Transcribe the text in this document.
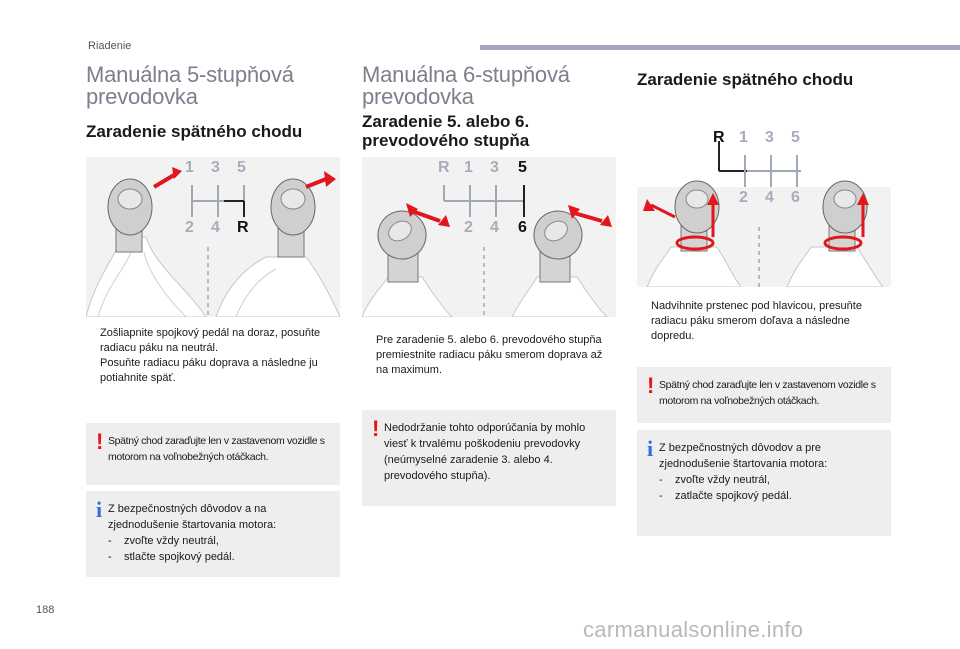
Riadenie
Manuálna 5-stupňová
prevodovka
Zaradenie spätného chodu
1 3 5
2 4 R
Zošliapnite spojkový pedál na doraz, posuňte radiacu páku na neutrál.
Posuňte radiacu páku doprava a následne ju potiahnite späť.
! Spätný chod zaraďujte len v zastavenom vozidle s motorom na voľnobežných otáčkach.
i Z bezpečnostných dôvodov a na zjednodušenie štartovania motora:
-	zvoľte vždy neutrál,
-	stlačte spojkový pedál.
Manuálna 6-stupňová
prevodovka
Zaradenie 5. alebo 6.
prevodového stupňa
R 1 3 5
2 4 6
Pre zaradenie 5. alebo 6. prevodového stupňa premiestnite radiacu páku smerom doprava až na maximum.
! Nedodržanie tohto odporúčania by mohlo viesť k trvalému poškodeniu prevodovky (neúmyselné zaradenie 3. alebo 4. prevodového stupňa).
Zaradenie spätného chodu
R 1 3 5
2 4 6
Nadvihnite prstenec pod hlavicou, presuňte radiacu páku smerom doľava a následne dopredu.
! Spätný chod zaraďujte len v zastavenom vozidle s motorom na voľnobežných otáčkach.
i Z bezpečnostných dôvodov a pre zjednodušenie štartovania motora:
-	zvoľte vždy neutrál,
-	zatlačte spojkový pedál.
188
carmanualsonline.info
